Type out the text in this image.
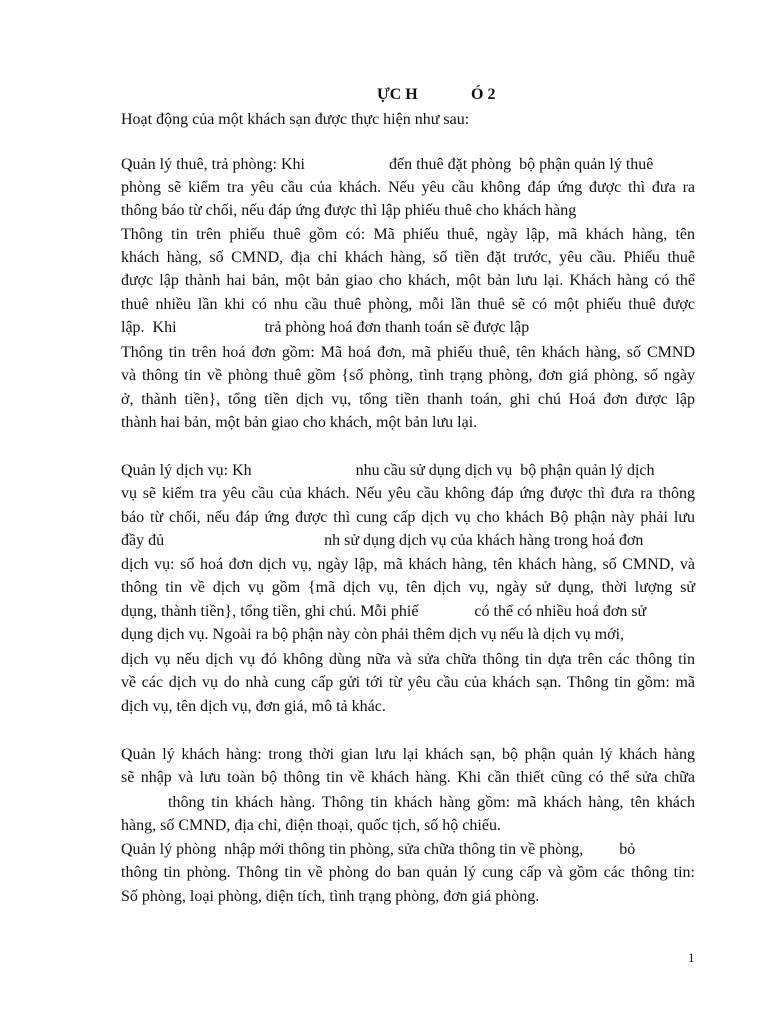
ỰC H	Ó 2
Hoạt động của một khách sạn được thực hiện như sau:
Quản lý thuê, trả phòng: Khi                     đến thuê đặt phòng  bộ phận quản lý thuê
phòng sẽ kiểm tra yêu cầu của khách. Nếu yêu cầu không đáp ứng được thì đưa ra
thông báo từ chối, nếu đáp ứng được thì lập phiếu thuê cho khách hàng
Thông tin trên phiếu thuê gồm có: Mã phiếu thuê, ngày lập, mã khách hàng, tên
khách hàng, số CMND, địa chỉ khách hàng, số tiền đặt trước, yêu cầu. Phiếu thuê
được lập thành hai bản, một bản giao cho khách, một bản lưu lại. Khách hàng có thể
thuê nhiều lần khi có nhu cầu thuê phòng, mỗi lần thuê sẽ có một phiếu thuê được
lập.  Khi                      trả phòng hoá đơn thanh toán sẽ được lập
Thông tin trên hoá đơn gồm: Mã hoá đơn, mã phiếu thuê, tên khách hàng, số CMND
và thông tin về phòng thuê gồm {số phòng, tình trạng phòng, đơn giá phòng, số ngày
ở, thành tiền}, tổng tiền dịch vụ, tổng tiền thanh toán, ghi chú Hoá đơn được lập
thành hai bản, một bản giao cho khách, một bản lưu lại.
Quản lý dịch vụ: Kh                          nhu cầu sử dụng dịch vụ  bộ phận quản lý dịch
vụ sẽ kiểm tra yêu cầu của khách. Nếu yêu cầu không đáp ứng được thì đưa ra thông
báo từ chối, nếu đáp ứng được thì cung cấp dịch vụ cho khách Bộ phận này phải lưu
đầy đủ                                        nh sử dụng dịch vụ của khách hàng trong hoá đơn
dịch vụ: số hoá đơn dịch vụ, ngày lập, mã khách hàng, tên khách hàng, số CMND, và
thông tin về dịch vụ gồm {mã dịch vụ, tên dịch vụ, ngày sử dụng, thời lượng sử
dụng, thành tiền}, tổng tiền, ghi chú. Mỗi phiế              có thể có nhiều hoá đơn sử
dụng dịch vụ. Ngoài ra bộ phận này còn phải thêm dịch vụ nếu là dịch vụ mới,
dịch vụ nếu dịch vụ đó không dùng nữa và sửa chữa thông tin dựa trên các thông tin
về các dịch vụ do nhà cung cấp gửi tới từ yêu cầu của khách sạn. Thông tin gồm: mã
dịch vụ, tên dịch vụ, đơn giá, mô tả khác.
Quản lý khách hàng: trong thời gian lưu lại khách sạn, bộ phận quản lý khách hàng
sẽ nhập và lưu toàn bộ thông tin về khách hàng. Khi cần thiết cũng có thể sửa chữa
thông tin khách hàng. Thông tin khách hàng gồm: mã khách hàng, tên khách
hàng, số CMND, địa chỉ, điện thoại, quốc tịch, số hộ chiếu.
Quản lý phòng  nhập mới thông tin phòng, sửa chữa thông tin về phòng,         bỏ
thông tin phòng. Thông tin về phòng do ban quản lý cung cấp và gồm các thông tin:
Số phòng, loại phòng, diện tích, tình trạng phòng, đơn giá phòng.
1
